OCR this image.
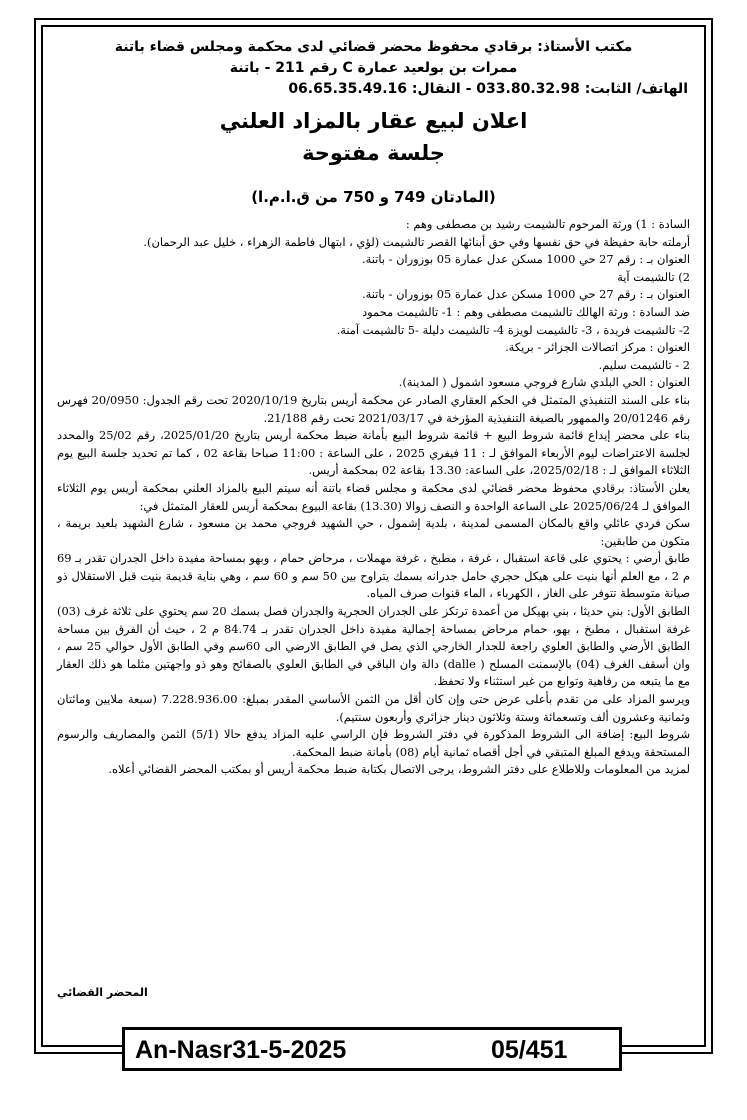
مكتب الأستاذ: برقادي محفوظ محضر قضائي لدى محكمة ومجلس قضاء باتنة
ممرات بن بولعيد عمارة C رقم 211 - باتنة
الهاتف/ الثابت: 033.80.32.98 - النقال: 06.65.35.49.16
اعلان لبيع عقار بالمزاد العلني
جلسة مفتوحة
(المادتان 749 و 750 من ق.ا.م.ا)

السادة : 1) ورثة المرحوم تالشيمت رشيد بن مصطفى وهم :

أرملته حابة حفيظة في حق نفسها وفي حق أبنائها القصر تالشيمت (لؤي ، ابتهال فاطمة الزهراء ، خليل عبد الرحمان).

العنوان بـ : رقم 27 حي 1000 مسكن عدل عمارة 05 بوزوران - باتنة.

2) تالشيمت آية

العنوان بـ : رقم 27 حي 1000 مسكن عدل عمارة 05 بوزوران - باتنة.

ضد السادة : ورثة الهالك تالشيمت مصطفى وهم : 1- تالشيمت محمود

2- تالشيمت فريدة ، 3- تالشيمت لويزة 4- تالشيمت دليلة -5 تالشيمت آمنة.

العنوان : مركز اتصالات الجزائر - بريكة.

2 - تالشيمت سليم.

العنوان : الحي البلدي شارع فروجي مسعود اشمول ( المدينة).

بناء على السند التنفيذي المتمثل في الحكم العقاري الصادر عن محكمة أريس بتاريخ 2020/10/19 تحت رقم الجدول: 20/0950 فهرس رقم 20/01246 والممهور بالصيغة التنفيذية المؤرخة في 2021/03/17 تحت رقم 21/188.

بناء على محضر إيداع قائمة شروط البيع + قائمة شروط البيع بأمانة ضبط محكمة أريس بتاريخ 2025/01/20، رقم 25/02 والمحدد لجلسة الاعتراضات ليوم الأربعاء الموافق لـ : 11 فيفري 2025 ، على الساعة : 11:00 صباحا بقاعة 02 ، كما تم تحديد جلسة البيع يوم الثلاثاء الموافق لـ : 2025/02/18، على الساعة: 13.30 بقاعة 02 بمحكمة أريس.

يعلن الأستاذ: برقادي محفوظ محضر قضائي لدى محكمة و مجلس قضاء باتنة أنه سيتم البيع بالمزاد العلني بمحكمة أريس يوم الثلاثاء الموافق لـ 2025/06/24 على الساعة الواحدة و النصف زوالا (13.30) بقاعة البيوع بمحكمة أريس للعقار المتمثل في:

سكن فردي عائلي واقع بالمكان المسمى لمدينة ، بلدية إشمول ، حي الشهيد فروجي محمد بن مسعود ، شارع الشهيد بلعيد بريمة ، متكون من طابقين:

طابق أرضي : يحتوي على قاعة استقبال ، غرفة ، مطبخ ، غرفة مهملات ، مرحاض حمام ، وبهو بمساحة مفيدة داخل الجدران تقدر بـ 69 م 2 ، مع العلم أنها بنيت على هيكل حجري حامل جدرانه بسمك يتراوح بين 50 سم و 60 سم ، وهي بناية قديمة بنيت قبل الاستقلال ذو صيانة متوسطة تتوفر على الغاز ، الكهرباء ، الماء قنوات صرف المياه.

الطابق الأول: بني حديثا ، بني بهيكل من أعمدة ترتكز على الجدران الحجرية والجدران فصل بسمك 20 سم يحتوي على ثلاثة غرف (03) غرفة استقبال ، مطبخ ، بهو، حمام مرحاض بمساحة إجمالية مفيدة داخل الجدران تقدر بـ 84.74 م 2 ، حيث أن الفرق بين مساحة الطابق الأرضي والطابق العلوي راجعة للجدار الخارجي الذي يصل في الطابق الارضي الى 60سم وفي الطابق الأول حوالي 25 سم ، وان أسقف الغرف (04) بالإسمنت المسلح ( dalle) دالة وان الباقي في الطابق العلوي بالصفائح وهو ذو واجهتين مثلما هو ذلك العقار مع ما يتبعه من رفاهية وتوابع من غير استثناء ولا تحفظ.

ويرسو المزاد على من تقدم بأعلى عرض حتى وإن كان أقل من الثمن الأساسي المقدر بمبلغ: 7.228.936.00 (سبعة ملايين ومائتان وثمانية وعشرون ألف وتسعمائة وستة وثلاثون دينار جزائري وأربعون سنتيم).

شروط البيع: إضافة الى الشروط المذكورة في دفتر الشروط فإن الراسي عليه المزاد يدفع حالا (5/1) الثمن والمصاريف والرسوم المستحقة ويدفع المبلغ المتبقي في أجل أقصاه ثمانية أيام (08) بأمانة ضبط المحكمة.

لمزيد من المعلومات وللاطلاع على دفتر الشروط، يرجى الاتصال بكتابة ضبط محكمة أريس أو بمكتب المحضر القضائي أعلاه.

المحضر القضائي
An-Nasr31-5-2025	05/451
